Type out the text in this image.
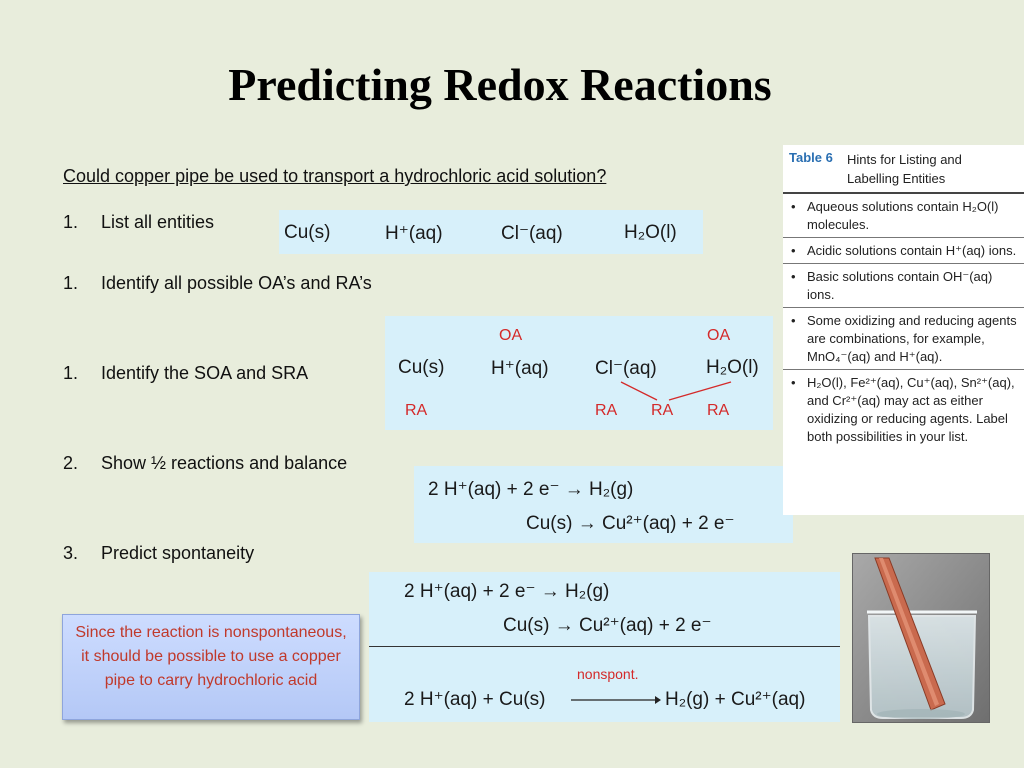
Predicting Redox Reactions
Could copper pipe be used to transport a hydrochloric acid solution?
1. List all entities
1. Identify all possible OA’s and RA’s
1. Identify the SOA and SRA
2. Show ½ reactions and balance
3. Predict spontaneity
Cu(s)	H⁺(aq)	Cl⁻(aq)	H₂O(l)
OA	OA
Cu(s) H⁺(aq) Cl⁻(aq)	H₂O(l)
RA	RA RA RA
2 H⁺(aq) + 2 e⁻ → H₂(g)
Cu(s) → Cu²⁺(aq) + 2 e⁻
2 H⁺(aq) + 2 e⁻ → H₂(g)
Cu(s) → Cu²⁺(aq) + 2 e⁻
nonspont.
2 H⁺(aq) + Cu(s)	H₂(g) + Cu²⁺(aq)
Since the reaction is nonspontaneous, it should be possible to use a copper pipe to carry hydrochloric acid
Table 6 Hints for Listing and Labelling Entities
• Aqueous solutions contain H₂O(l) molecules.
• Acidic solutions contain H⁺(aq) ions.
• Basic solutions contain OH⁻(aq) ions.
• Some oxidizing and reducing agents are combinations, for example, MnO₄⁻(aq) and H⁺(aq).
• H₂O(l), Fe²⁺(aq), Cu⁺(aq), Sn²⁺(aq), and Cr²⁺(aq) may act as either oxidizing or reducing agents. Label both possibilities in your list.
